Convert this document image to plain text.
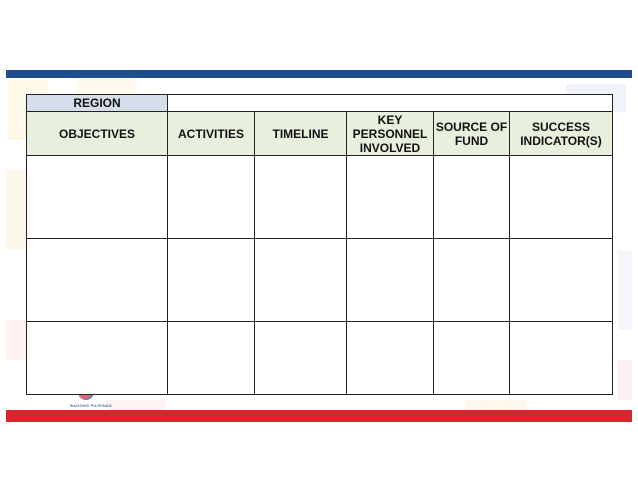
BAGONG PILIPINAS
REGION					
OBJECTIVES	ACTIVITIES	TIMELINE	KEY PERSONNEL INVOLVED	SOURCE OF FUND	SUCCESS INDICATOR(S)
